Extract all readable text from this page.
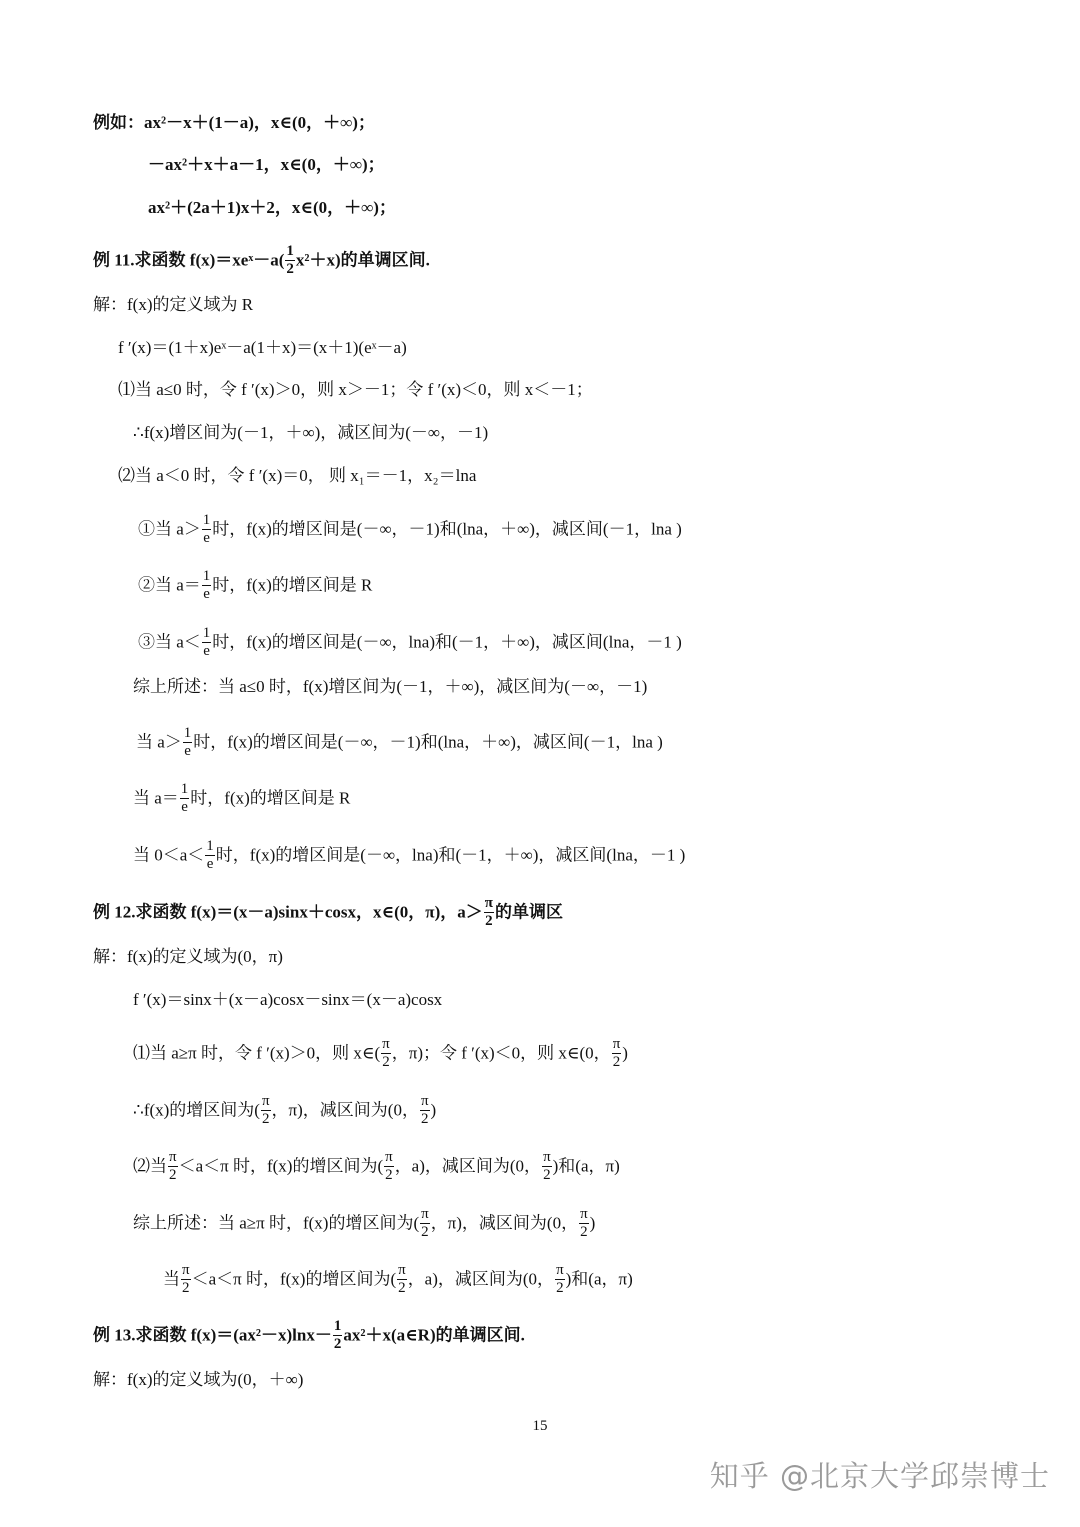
例如：ax²－x＋(1－a)，x∈(0，＋∞)；
－ax²＋x＋a－1，x∈(0，＋∞)；
ax²＋(2a＋1)x＋2，x∈(0，＋∞)；
例 11.求函数 f(x)＝xeˣ－a( $\frac{1}{2} x^2+x$)的单调区间.
解：f(x)的定义域为 R
f ′(x)＝(1＋x)eˣ－a(1＋x)＝(x＋1)(eˣ－a)
⑴当 a≤0 时，令 f ′(x)＞0，则 x＞－1；令 f ′(x)＜0，则 x＜－1；
∴f(x)增区间为(－1，＋∞)，减区间为(－∞，－1)
⑵当 a＜0 时，令 f ′(x)＝0， 则 x₁＝－1，x₂＝lna
①当 $a> \frac{1}{e}$ 时，f(x)的增区间是(－∞，－1)和(lna，＋∞)，减区间(－1，lna )
②当 $a= \frac{1}{e}$ 时，f(x)的增区间是 R
③当 $a< \frac{1}{e}$ 时，f(x)的增区间是(－∞，lna)和(－1，＋∞)，减区间(lna，－1 )
综上所述：当 a≤0 时，f(x)增区间为(－1，＋∞)，减区间为(－∞，－1)
当 $a> \frac{1}{e}$ 时，f(x)的增区间是(－∞，－1)和(lna，＋∞)，减区间(－1，lna )
当 $a= \frac{1}{e}$ 时，f(x)的增区间是 R
当 $0<a< \frac{1}{e}$ 时，f(x)的增区间是(－∞，lna)和(－1，＋∞)，减区间(lna，－1 )
例 12.求函数 f(x)＝(x－a)sinx＋cosx，x∈(0，π)，$a> \frac{\pi}{2}$ 的单调区
解：f(x)的定义域为(0，π)
f ′(x)＝sinx＋(x－a)cosx－sinx＝(x－a)cosx
⑴当 a≥π 时，令 f ′(x)＞0，则 x∈( $\frac{\pi}{2}$ ，π)；令 f ′(x)＜0，则 x∈(0， $\frac{\pi}{2}$ )
∴f(x)的增区间为( $\frac{\pi}{2}$ ，π)，减区间为(0， $\frac{\pi}{2}$ )
⑵当 $\frac{\pi}{2} <a<\pi$ 时，f(x)的增区间为( $\frac{\pi}{2}$ ，a)，减区间为(0， $\frac{\pi}{2}$ )和(a，π)
综上所述：当 a≥π 时，f(x)的增区间为( $\frac{\pi}{2}$ ，π)，减区间为(0， $\frac{\pi}{2}$ )
当 $\frac{\pi}{2} <a<\pi$ 时，f(x)的增区间为( $\frac{\pi}{2}$ ，a)，减区间为(0， $\frac{\pi}{2}$ )和(a，π)
例 13.求函数 $f(x)=(ax^2-x)\ln x- \frac{1}{2}$ ax²＋x(a∈R)的单调区间.
解：f(x)的定义域为(0，＋∞)
15
知乎 @北京大学邱崇博士
